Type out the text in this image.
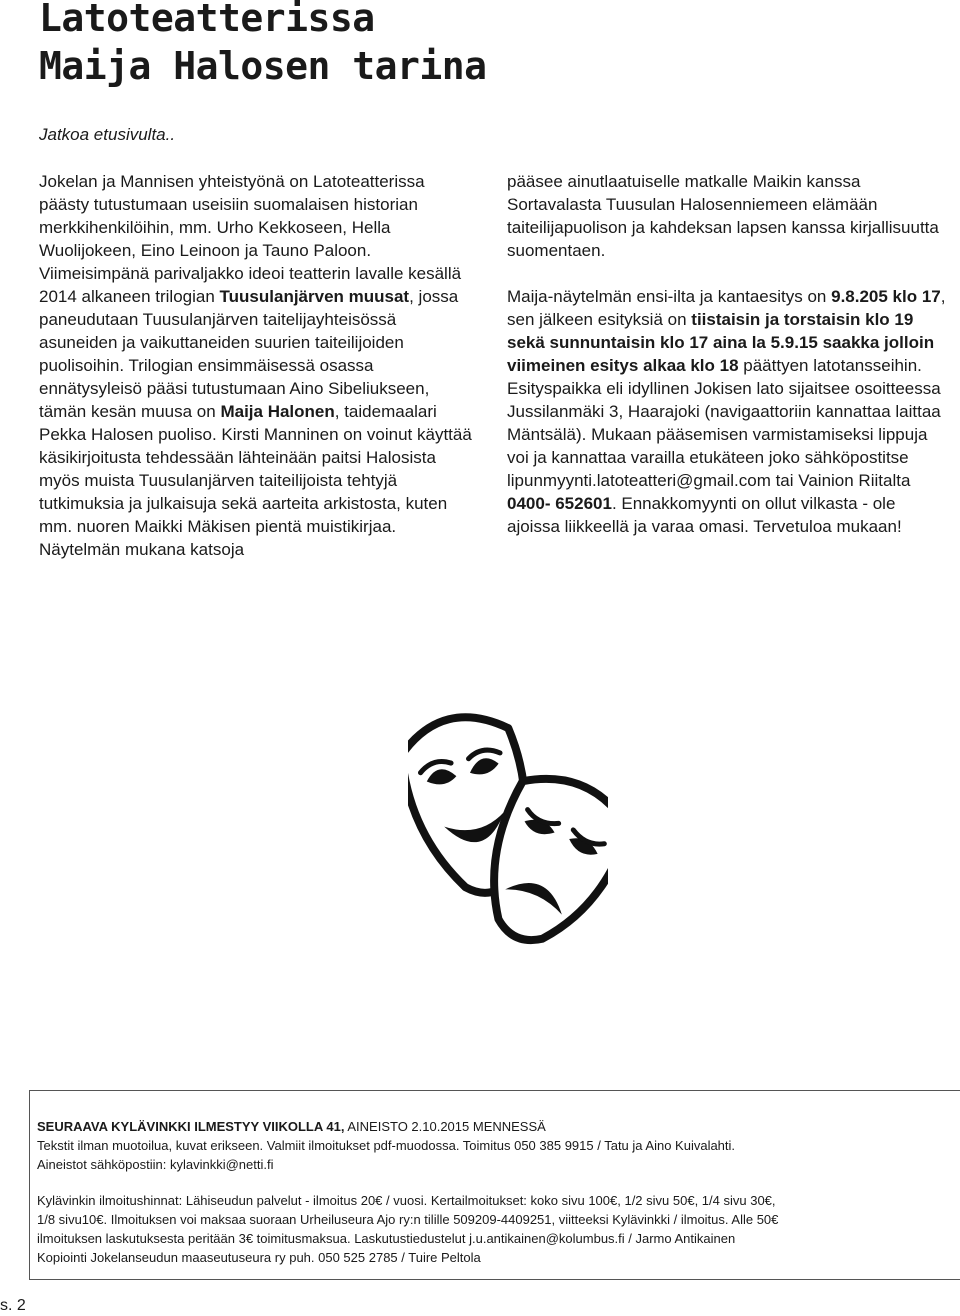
Latoteatterissa
Maija Halosen tarina

Jatkoa etusivulta..

Jokelan ja Mannisen yhteistyönä on Latoteatterissa päästy tutustumaan useisiin suomalaisen historian merkkihenkilöihin, mm. Urho Kekkoseen, Hella Wuolijokeen, Eino Leinoon ja Tauno Paloon. Viimeisimpänä parivaljakko ideoi teatterin lavalle kesällä 2014 alkaneen trilogian Tuusulanjärven muusat, jossa paneudutaan Tuusulanjärven taitelijayhteisössä asuneiden ja vaikuttaneiden suurien taiteilijoiden puolisoihin. Trilogian ensimmäisessä osassa ennätysyleisö pääsi tutustumaan Aino Sibeliukseen, tämän kesän muusa on Maija Halonen, taidemaalari Pekka Halosen puoliso. Kirsti Manninen on voinut käyttää käsikirjoitusta tehdessään lähteinään paitsi Halosista myös muista Tuusulanjärven taiteilijoista tehtyjä tutkimuksia ja julkaisuja sekä aarteita arkistosta, kuten mm. nuoren Maikki Mäkisen pientä muistikirjaa. Näytelmän mukana katsoja

pääsee ainutlaatuiselle matkalle Maikin kanssa Sortavalasta Tuusulan Halosenniemeen elämään taiteilijapuolison ja kahdeksan lapsen kanssa kirjallisuutta suomentaen.

Maija-näytelmän ensi-ilta ja kantaesitys on 9.8.205 klo 17, sen jälkeen esityksiä on tiistaisin ja torstaisin klo 19 sekä sunnuntaisin klo 17 aina la 5.9.15 saakka jolloin viimeinen esitys alkaa klo 18 päättyen latotansseihin. Esityspaikka eli idyllinen Jokisen lato sijaitsee osoitteessa Jussilanmäki 3, Haarajoki (navigaattoriin kannattaa laittaa Mäntsälä). Mukaan pääsemisen varmistamiseksi lippuja voi ja kannattaa varailla etukäteen joko sähköpostitse lipunmyynti.latoteatteri@gmail.com tai Vainion Riitalta 0400- 652601. Ennakkomyynti on ollut vilkasta - ole ajoissa liikkeellä ja varaa omasi. Tervetuloa mukaan!

SEURAAVA KYLÄVINKKI ILMESTYY VIIKOLLA 41, AINEISTO 2.10.2015 MENNESSÄ
Tekstit ilman muotoilua, kuvat erikseen. Valmiit ilmoitukset pdf-muodossa. Toimitus 050 385 9915 / Tatu ja Aino Kuivalahti.
Aineistot sähköpostiin: kylavinkki@netti.fi
Kylävinkin ilmoitushinnat: Lähiseudun palvelut - ilmoitus 20€ / vuosi. Kertailmoitukset: koko sivu 100€, 1/2 sivu 50€, 1/4 sivu 30€,
1/8 sivu10€. Ilmoituksen voi maksaa suoraan Urheiluseura Ajo ry:n tilille 509209-4409251, viitteeksi Kylävinkki / ilmoitus. Alle 50€
ilmoituksen laskutuksesta peritään 3€ toimitusmaksua. Laskutustiedustelut j.u.antikainen@kolumbus.fi / Jarmo Antikainen
Kopiointi Jokelanseudun maaseutuseura ry puh. 050 525 2785 / Tuire Peltola
s. 2
